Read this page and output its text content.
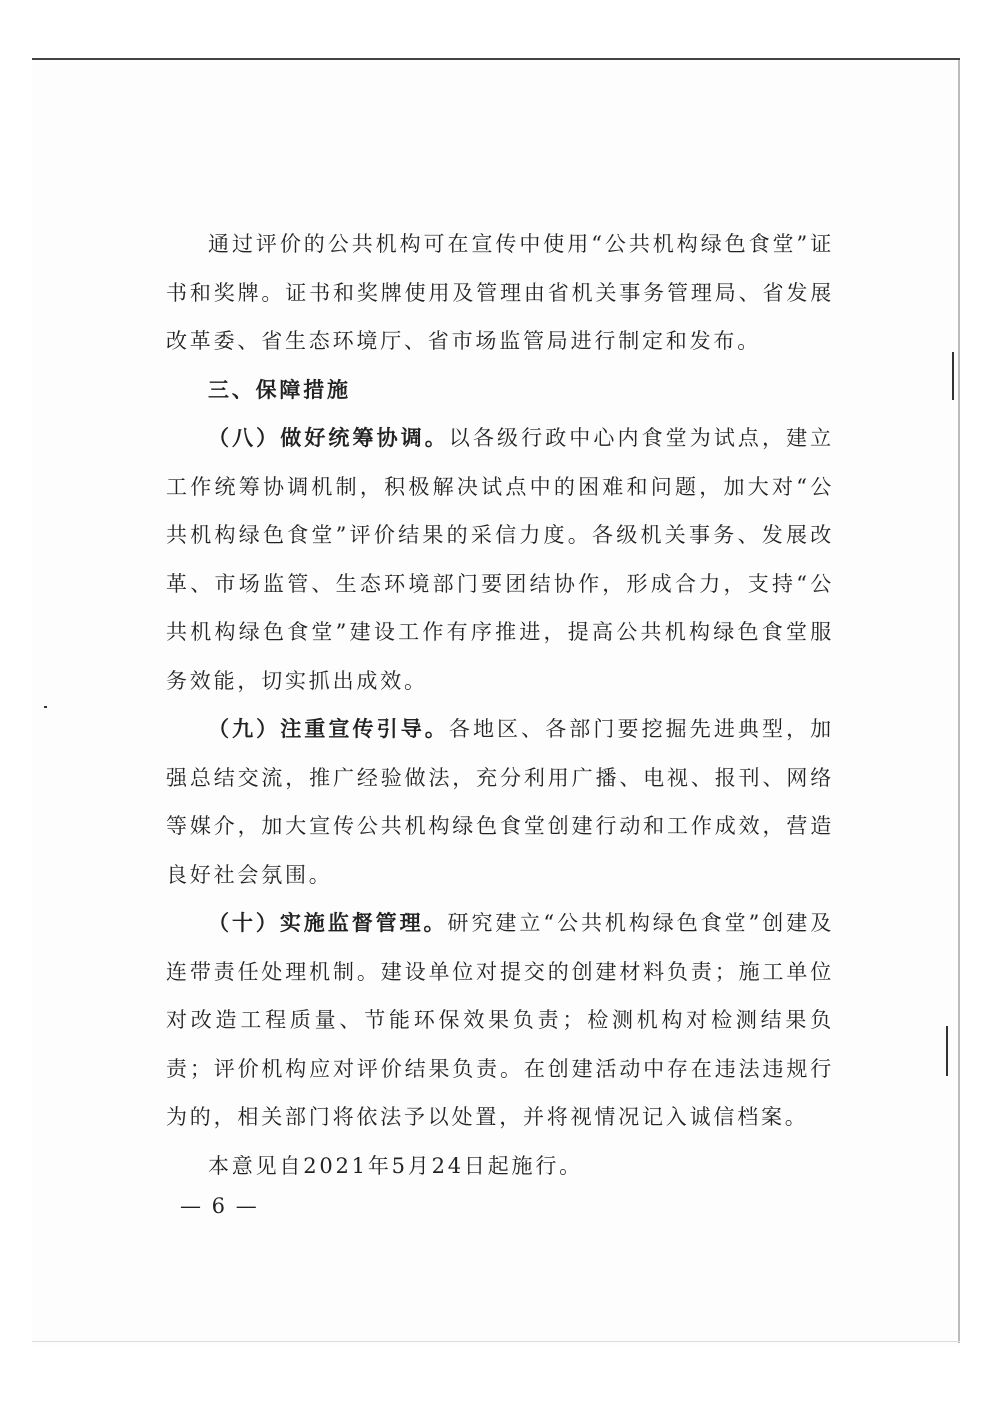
通过评价的公共机构可在宣传中使用“公共机构绿色食堂”证书和奖牌。证书和奖牌使用及管理由省机关事务管理局、省发展改革委、省生态环境厅、省市场监管局进行制定和发布。

三、保障措施

（八）做好统筹协调。以各级行政中心内食堂为试点，建立工作统筹协调机制，积极解决试点中的困难和问题，加大对“公共机构绿色食堂”评价结果的采信力度。各级机关事务、发展改革、市场监管、生态环境部门要团结协作，形成合力，支持“公共机构绿色食堂”建设工作有序推进，提高公共机构绿色食堂服务效能，切实抓出成效。

（九）注重宣传引导。各地区、各部门要挖掘先进典型，加强总结交流，推广经验做法，充分利用广播、电视、报刊、网络等媒介，加大宣传公共机构绿色食堂创建行动和工作成效，营造良好社会氛围。

（十）实施监督管理。研究建立“公共机构绿色食堂”创建及连带责任处理机制。建设单位对提交的创建材料负责；施工单位对改造工程质量、节能环保效果负责；检测机构对检测结果负责；评价机构应对评价结果负责。在创建活动中存在违法违规行为的，相关部门将依法予以处置，并将视情况记入诚信档案。

本意见自2021年5月24日起施行。

— 6 —
